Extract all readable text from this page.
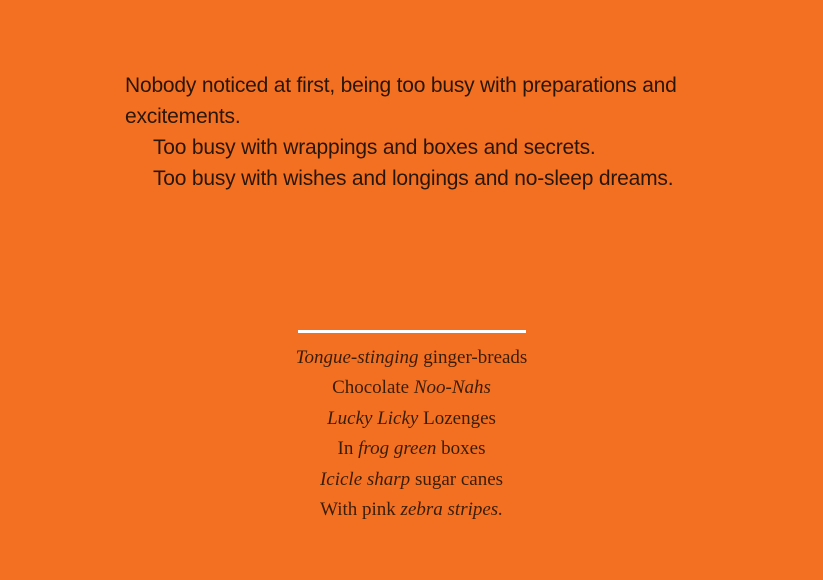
Nobody noticed at first, being too busy with preparations and excitements.

Too busy with wrappings and boxes and secrets.

Too busy with wishes and longings and no-sleep dreams.

Tongue-stinging ginger-breads
Chocolate Noo-Nahs
Lucky Licky Lozenges
In frog green boxes
Icicle sharp sugar canes
With pink zebra stripes.
